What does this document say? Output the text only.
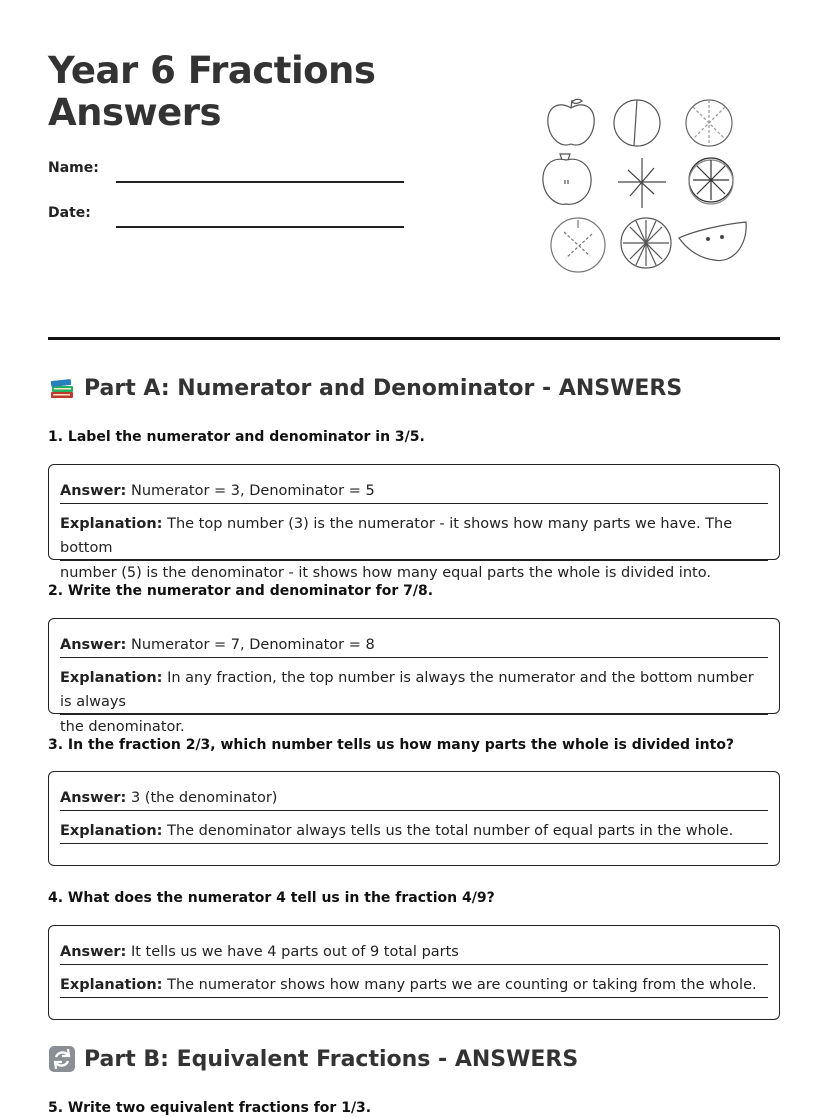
Year 6 Fractions
Answers
Name:
Date:
Part A: Numerator and Denominator - ANSWERS

1. Label the numerator and denominator in 3/5.

Answer: Numerator = 3, Denominator = 5
Explanation: The top number (3) is the numerator - it shows how many parts we have. The bottom
number (5) is the denominator - it shows how many equal parts the whole is divided into.

2. Write the numerator and denominator for 7/8.

Answer: Numerator = 7, Denominator = 8
Explanation: In any fraction, the top number is always the numerator and the bottom number is always
the denominator.

3. In the fraction 2/3, which number tells us how many parts the whole is divided into?

Answer: 3 (the denominator)
Explanation: The denominator always tells us the total number of equal parts in the whole.

4. What does the numerator 4 tell us in the fraction 4/9?

Answer: It tells us we have 4 parts out of 9 total parts
Explanation: The numerator shows how many parts we are counting or taking from the whole.
Part B: Equivalent Fractions - ANSWERS

5. Write two equivalent fractions for 1/3.
